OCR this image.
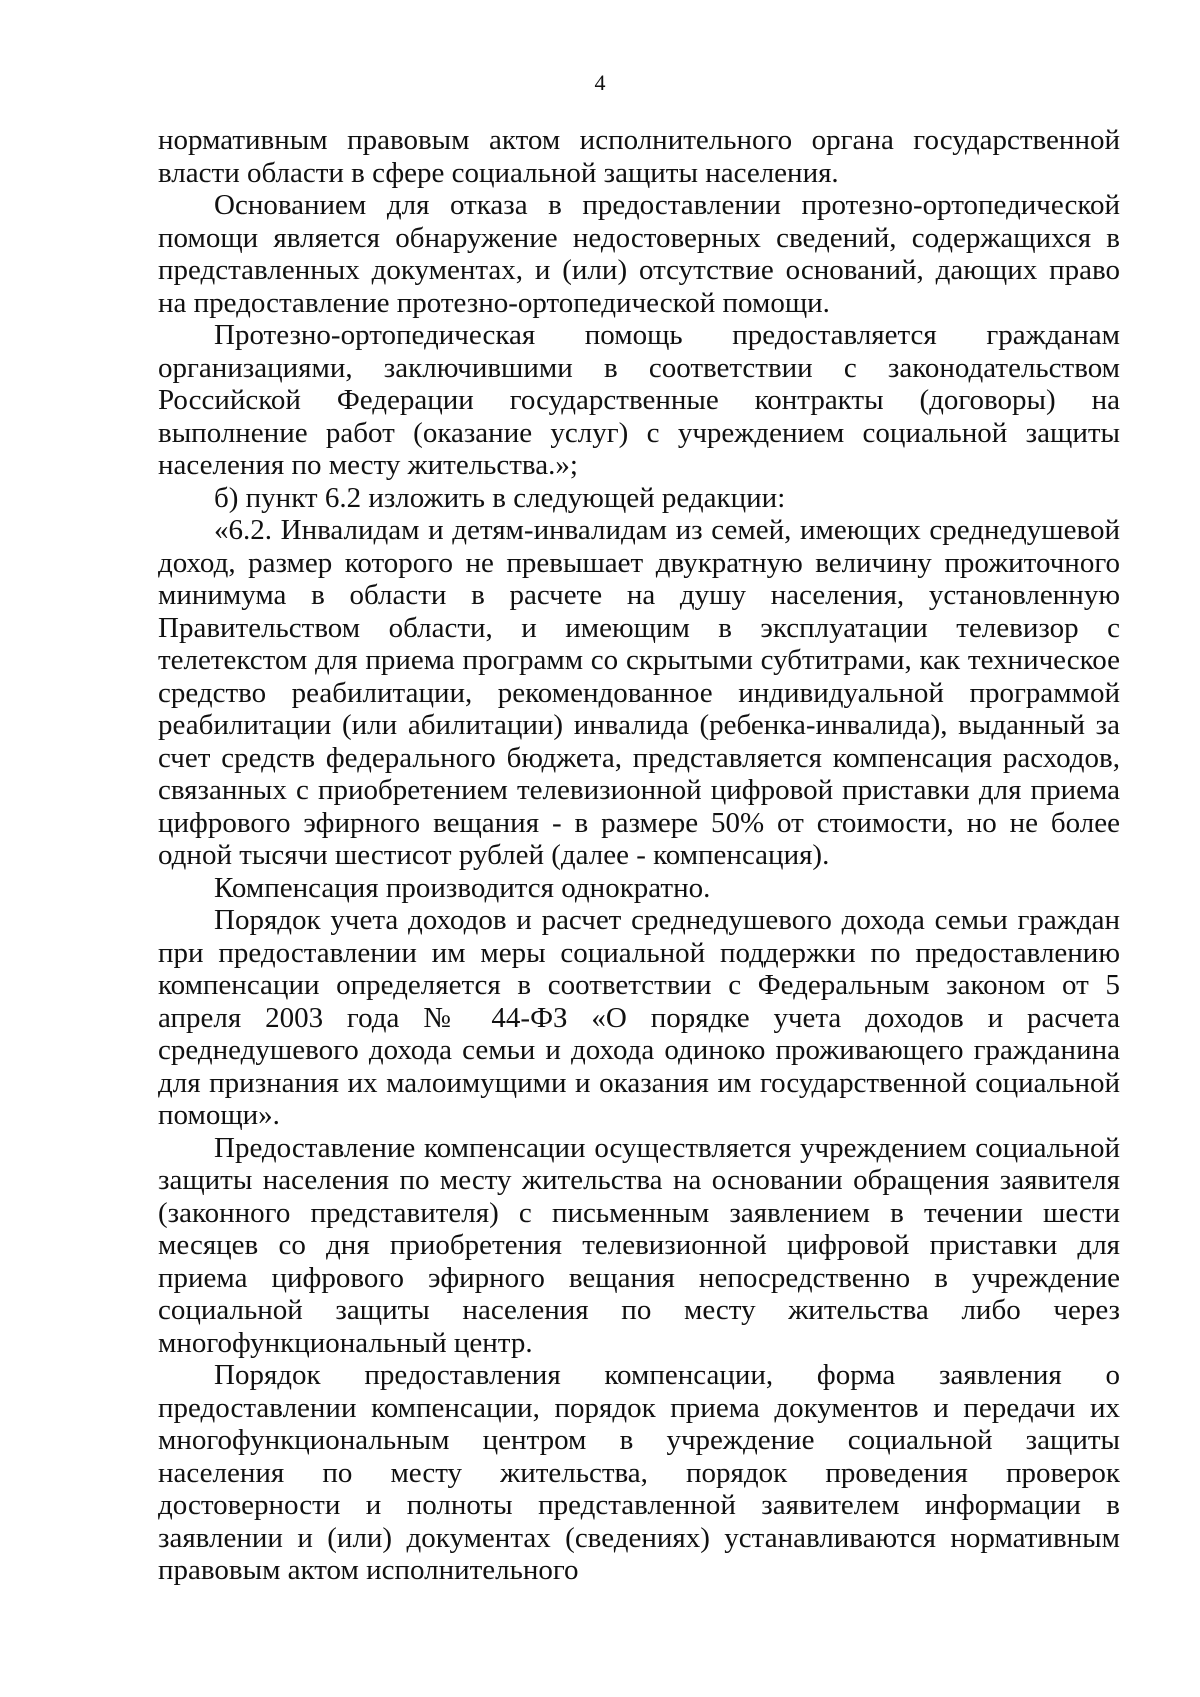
4

нормативным правовым актом исполнительного органа государственной власти области в сфере социальной защиты населения.

Основанием для отказа в предоставлении протезно-ортопедической помощи является обнаружение недостоверных сведений, содержащихся в представленных документах, и (или) отсутствие оснований, дающих право на предоставление протезно-ортопедической помощи.

Протезно-ортопедическая помощь предоставляется гражданам организациями, заключившими в соответствии с законодательством Российской Федерации государственные контракты (договоры) на выполнение работ (оказание услуг) с учреждением социальной защиты населения по месту жительства.»;

б) пункт 6.2 изложить в следующей редакции:

«6.2. Инвалидам и детям-инвалидам из семей, имеющих среднедушевой доход, размер которого не превышает двукратную величину прожиточного минимума в области в расчете на душу населения, установленную Правительством области, и имеющим в эксплуатации телевизор с телетекстом для приема программ со скрытыми субтитрами, как техническое средство реабилитации, рекомендованное индивидуальной программой реабилитации (или абилитации) инвалида (ребенка-инвалида), выданный за счет средств федерального бюджета, представляется компенсация расходов, связанных с приобретением телевизионной цифровой приставки для приема цифрового эфирного вещания - в размере 50% от стоимости, но не более одной тысячи шестисот рублей (далее - компенсация).

Компенсация производится однократно.

Порядок учета доходов и расчет среднедушевого дохода семьи граждан при предоставлении им меры социальной поддержки по предоставлению компенсации определяется в соответствии с Федеральным законом от 5 апреля 2003 года № 44-ФЗ «О порядке учета доходов и расчета среднедушевого дохода семьи и дохода одиноко проживающего гражданина для признания их малоимущими и оказания им государственной социальной помощи».

Предоставление компенсации осуществляется учреждением социальной защиты населения по месту жительства на основании обращения заявителя (законного представителя) с письменным заявлением в течении шести месяцев со дня приобретения телевизионной цифровой приставки для приема цифрового эфирного вещания непосредственно в учреждение социальной защиты населения по месту жительства либо через многофункциональный центр.

Порядок предоставления компенсации, форма заявления о предоставлении компенсации, порядок приема документов и передачи их многофункциональным центром в учреждение социальной защиты населения по месту жительства, порядок проведения проверок достоверности и полноты представленной заявителем информации в заявлении и (или) документах (сведениях) устанавливаются нормативным правовым актом исполнительного
